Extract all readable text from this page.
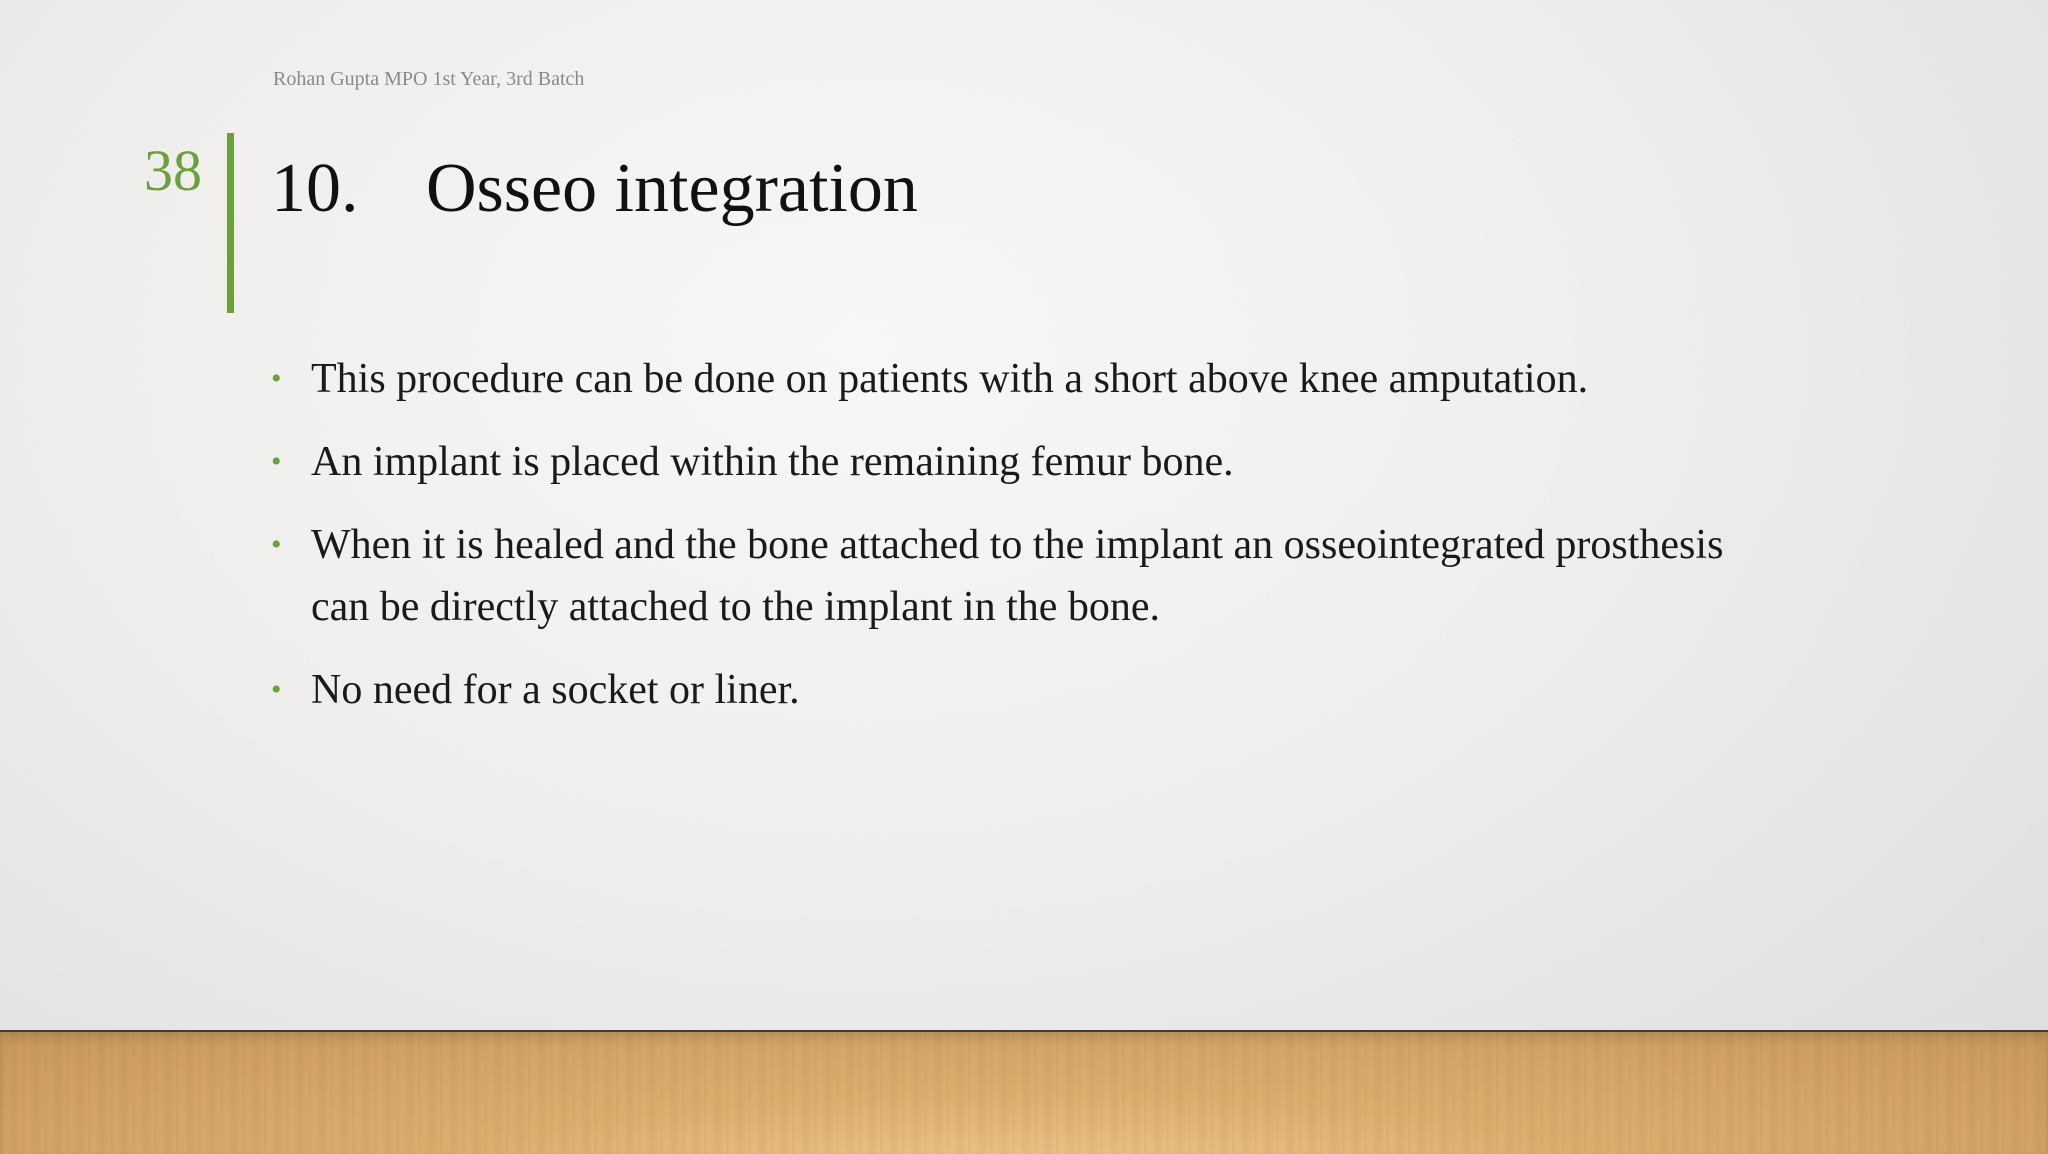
Rohan Gupta MPO 1st Year, 3rd Batch
38 10. Osseo integration
• This procedure can be done on patients with a short above knee amputation.
• An implant is placed within the remaining femur bone.
• When it is healed and the bone attached to the implant an osseointegrated prosthesis can be directly attached to the implant in the bone.
• No need for a socket or liner.
